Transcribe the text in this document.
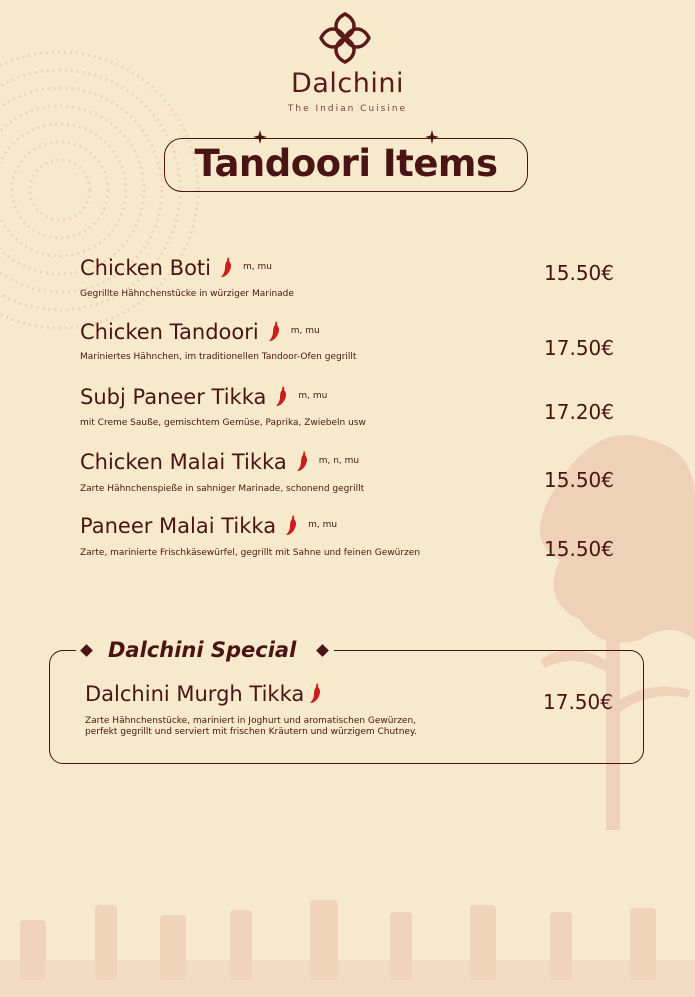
Dalchini
The Indian Cuisine
Tandoori Items
Chicken Boti	$^{m, mu}$
Gegrillte Hähnchenstücke in würziger Marinade
15.50€
Chicken Tandoori	$^{m, mu}$
Mariniertes Hähnchen, im traditionellen Tandoor-Ofen gegrillt	17.50€
Subj Paneer Tikka	$^{m, mu}$
mit Creme Sauße, gemischtem Gemüse, Paprika, Zwiebeln usw	17.20€
Chicken Malai Tikka	$^{m, n, mu}$
Zarte Hähnchenspieße in sahniger Marinade, schonend gegrillt	15.50€
Paneer Malai Tikka	$^{m, mu}$
Zarte, marinierte Frischkäsewürfel, gegrillt mit Sahne und feinen Gewürzen	15.50€
Dalchini Special
Dalchini Murgh Tikka
Zarte Hähnchenstücke, mariniert in Joghurt und aromatischen Gewürzen, perfekt gegrillt und serviert mit frischen Kräutern und würzigem Chutney.
17.50€
